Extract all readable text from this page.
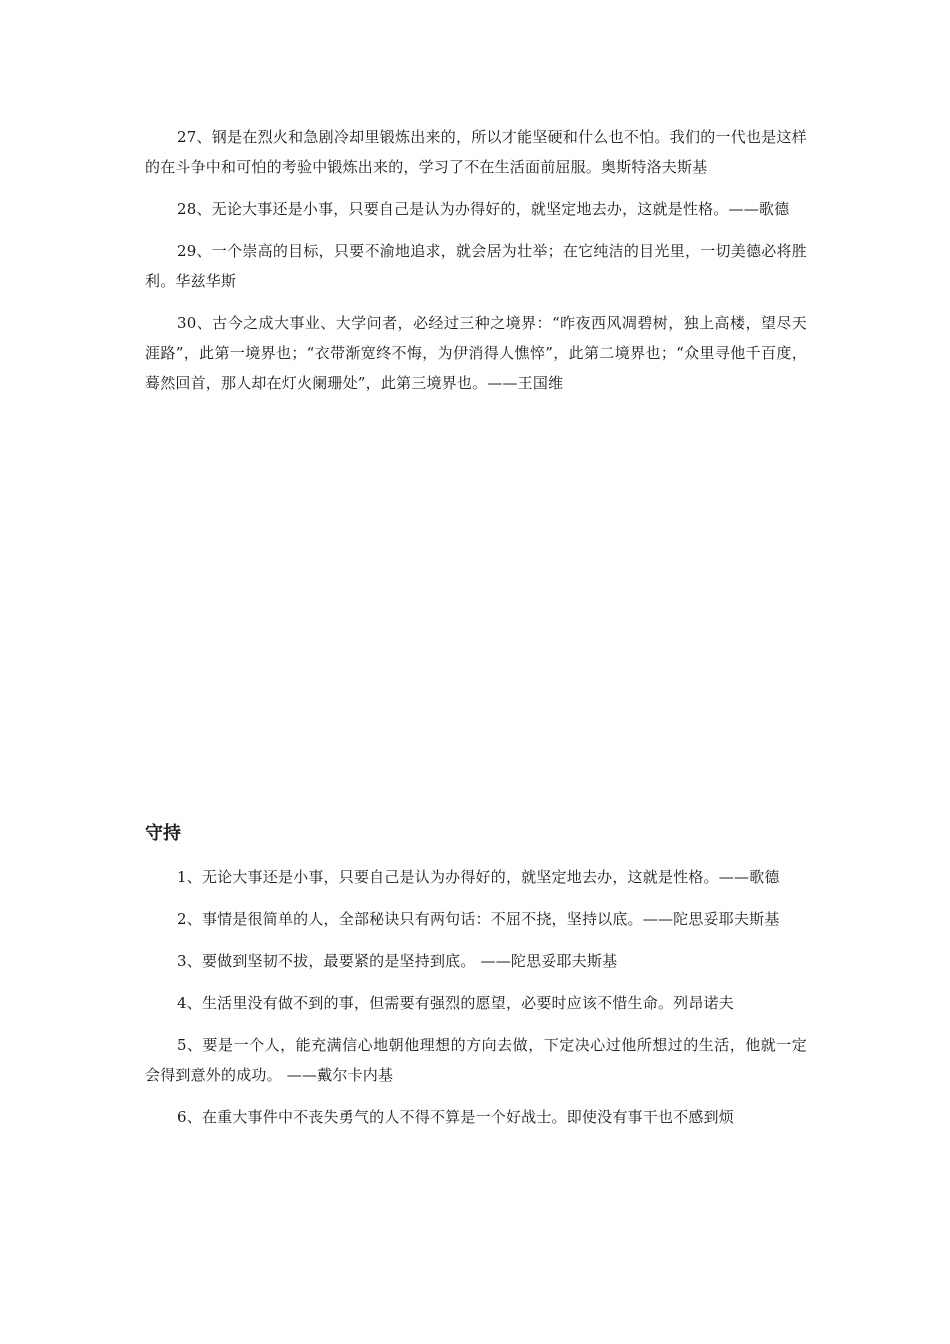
27、钢是在烈火和急剧冷却里锻炼出来的，所以才能坚硬和什么也不怕。我们的一代也是这样的在斗争中和可怕的考验中锻炼出来的，学习了不在生活面前屈服。奥斯特洛夫斯基

28、无论大事还是小事，只要自己是认为办得好的，就坚定地去办，这就是性格。——歌德

29、一个崇高的目标，只要不渝地追求，就会居为壮举；在它纯洁的目光里，一切美德必将胜利。华兹华斯

30、古今之成大事业、大学问者，必经过三种之境界：“昨夜西风凋碧树，独上高楼，望尽天涯路”，此第一境界也；“衣带渐宽终不悔，为伊消得人憔悴”，此第二境界也；“众里寻他千百度，蓦然回首，那人却在灯火阑珊处”，此第三境界也。——王国维

守持

1、无论大事还是小事，只要自己是认为办得好的，就坚定地去办，这就是性格。——歌德

2、事情是很简单的人，全部秘诀只有两句话：不屈不挠，坚持以底。——陀思妥耶夫斯基

3、要做到坚韧不拔，最要紧的是坚持到底。 ——陀思妥耶夫斯基

4、生活里没有做不到的事，但需要有强烈的愿望，必要时应该不惜生命。列昂诺夫

5、要是一个人，能充满信心地朝他理想的方向去做，下定决心过他所想过的生活，他就一定会得到意外的成功。 ——戴尔卡内基

6、在重大事件中不丧失勇气的人不得不算是一个好战士。即使没有事干也不感到烦
